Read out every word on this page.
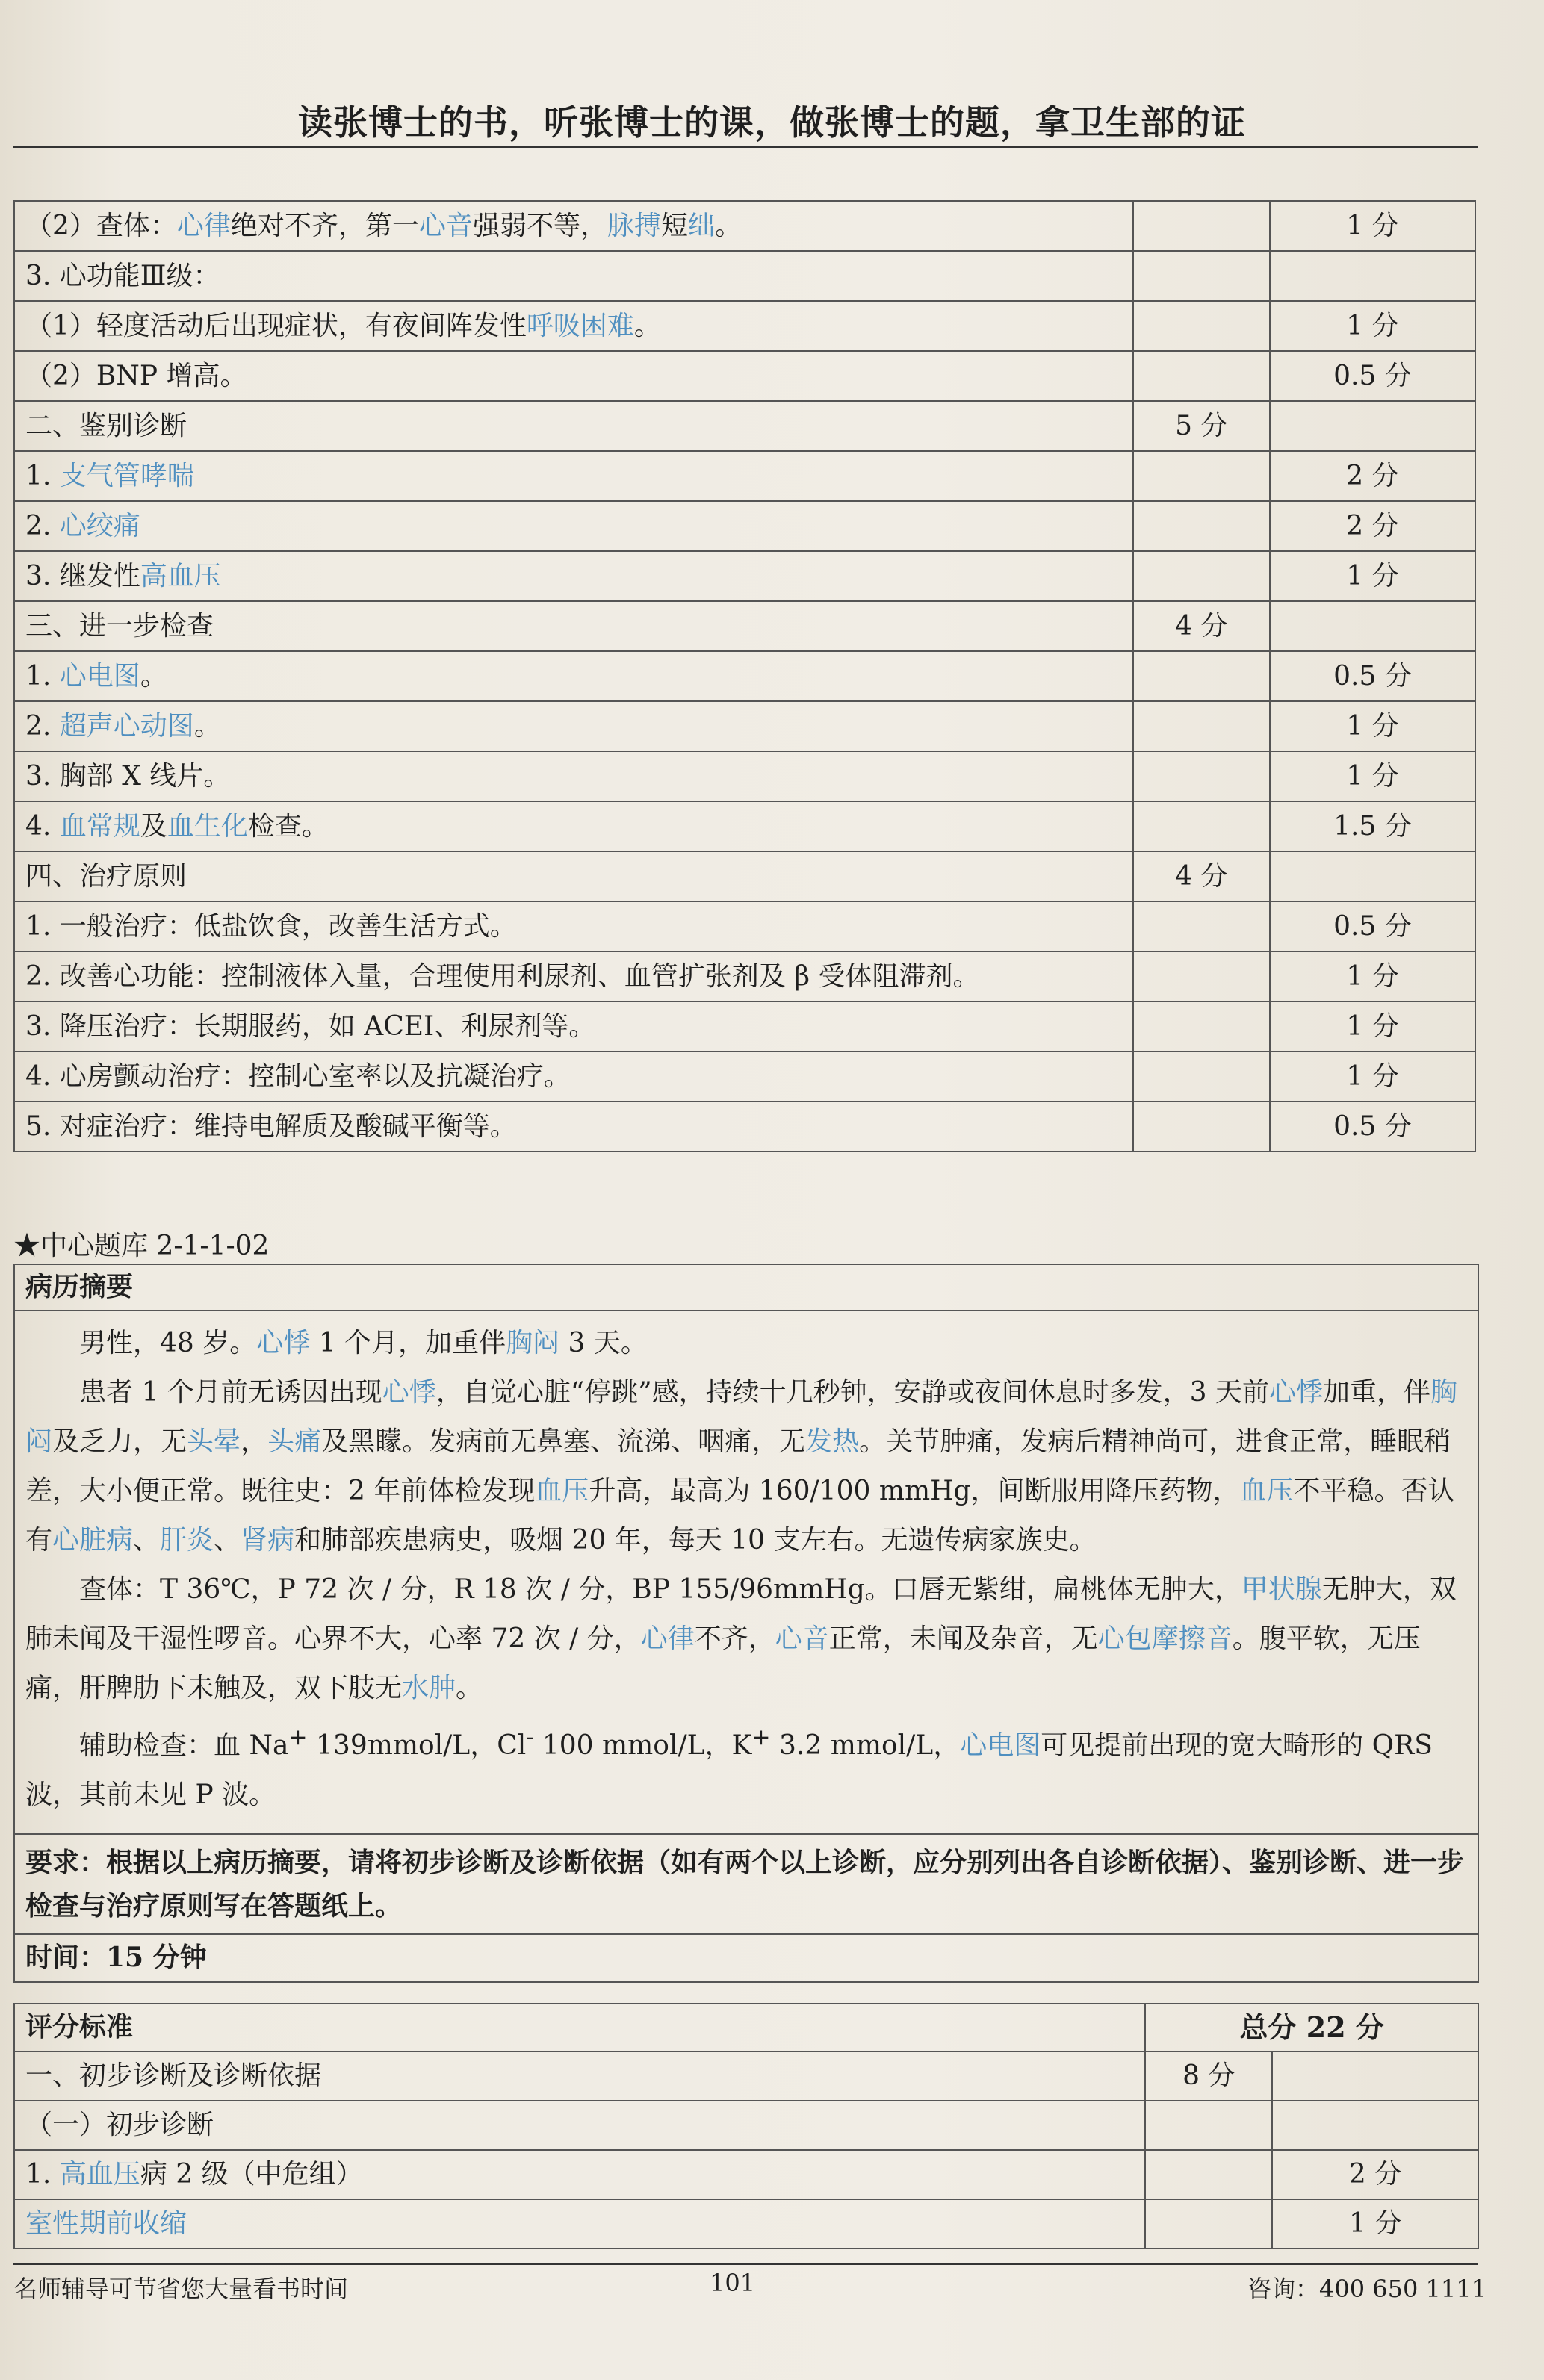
读张博士的书，听张博士的课，做张博士的题，拿卫生部的证
（2）查体：心律绝对不齐，第一心音强弱不等，脉搏短绌。		1 分
3. 心功能Ⅲ级：		
（1）轻度活动后出现症状，有夜间阵发性呼吸困难。		1 分
（2）BNP 增高。		0.5 分
二、鉴别诊断	5 分	
1. 支气管哮喘		2 分
2. 心绞痛		2 分
3. 继发性高血压		1 分
三、进一步检查	4 分	
1. 心电图。		0.5 分
2. 超声心动图。		1 分
3. 胸部 X 线片。		1 分
4. 血常规及血生化检查。		1.5 分
四、治疗原则	4 分	
1. 一般治疗：低盐饮食，改善生活方式。		0.5 分
2. 改善心功能：控制液体入量，合理使用利尿剂、血管扩张剂及 β 受体阻滞剂。		1 分
3. 降压治疗：长期服药，如 ACEI、利尿剂等。		1 分
4. 心房颤动治疗：控制心室率以及抗凝治疗。		1 分
5. 对症治疗：维持电解质及酸碱平衡等。		0.5 分
★中心题库 2-1-1-02
病历摘要

男性，48 岁。心悸 1 个月，加重伴胸闷 3 天。

患者 1 个月前无诱因出现心悸，自觉心脏“停跳”感，持续十几秒钟，安静或夜间休息时多发，3 天前心悸加重，伴胸闷及乏力，无头晕，头痛及黑矇。发病前无鼻塞、流涕、咽痛，无发热。关节肿痛，发病后精神尚可，进食正常，睡眠稍差，大小便正常。既往史：2 年前体检发现血压升高，最高为 160/100 mmHg，间断服用降压药物，血压不平稳。否认有心脏病、肝炎、肾病和肺部疾患病史，吸烟 20 年，每天 10 支左右。无遗传病家族史。

查体：T 36℃，P 72 次 / 分，R 18 次 / 分，BP 155/96mmHg。口唇无紫绀，扁桃体无肿大，甲状腺无肿大，双肺未闻及干湿性啰音。心界不大，心率 72 次 / 分，心律不齐，心音正常，未闻及杂音，无心包摩擦音。腹平软，无压痛，肝脾肋下未触及，双下肢无水肿。

辅助检查：血 Na+ 139mmol/L，Cl- 100 mmol/L，K+ 3.2 mmol/L，心电图可见提前出现的宽大畸形的 QRS 波，其前未见 P 波。

要求：根据以上病历摘要，请将初步诊断及诊断依据（如有两个以上诊断，应分别列出各自诊断依据）、鉴别诊断、进一步检查与治疗原则写在答题纸上。
时间：15 分钟
评分标准	总分 22 分	
一、初步诊断及诊断依据	8 分	
（一）初步诊断		
1. 高血压病 2 级（中危组）		2 分
室性期前收缩		1 分
名师辅导可节省您大量看书时间	101	咨询：400 650 1111
